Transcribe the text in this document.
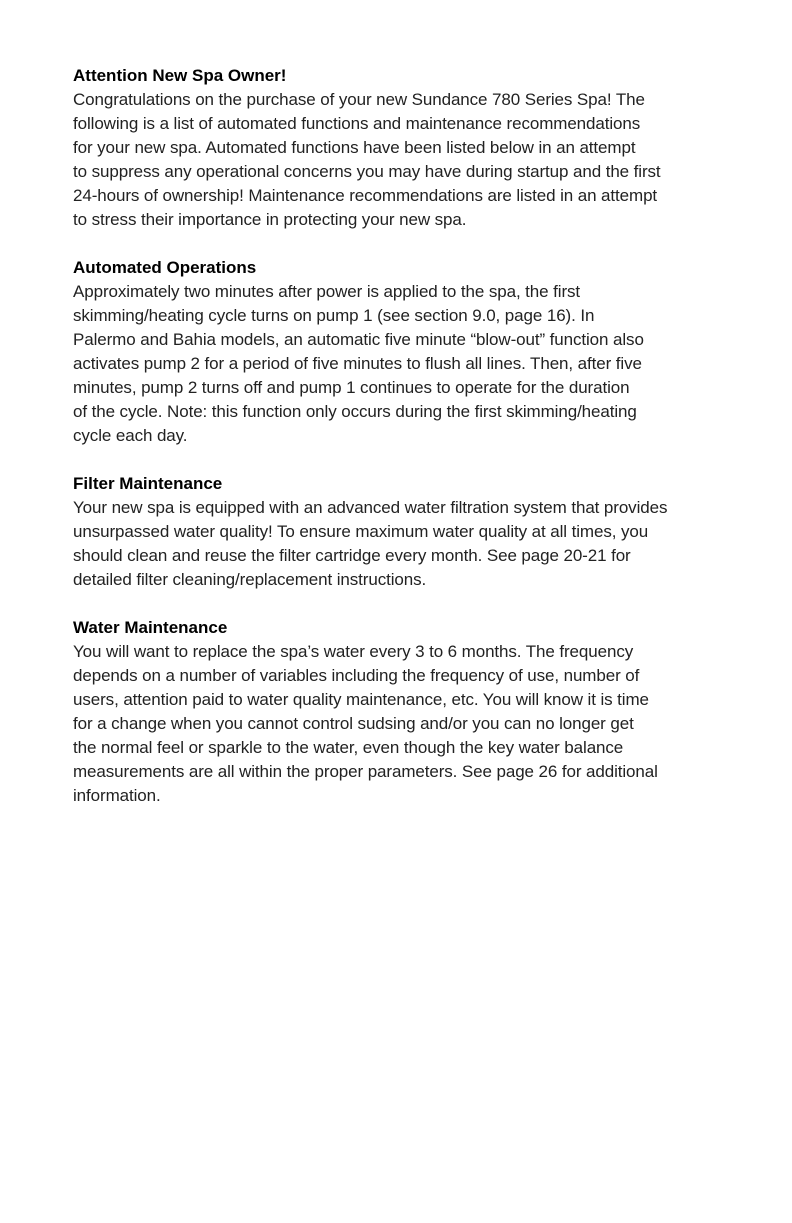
Attention New Spa Owner!
Congratulations on the purchase of your new Sundance 780 Series Spa! The
following is a list of automated functions and maintenance recommendations
for your new spa. Automated functions have been listed below in an attempt
to suppress any operational concerns you may have during startup and the first
24-hours of ownership! Maintenance recommendations are listed in an attempt
to stress their importance in protecting your new spa.
Automated Operations
Approximately two minutes after power is applied to the spa, the first
skimming/heating cycle turns on pump 1 (see section 9.0, page 16). In
Palermo and Bahia models, an automatic five minute “blow-out” function also
activates pump 2 for a period of five minutes to flush all lines. Then, after five
minutes, pump 2 turns off and pump 1 continues to operate for the duration
of the cycle. Note: this function only occurs during the first skimming/heating
cycle each day.
Filter Maintenance
Your new spa is equipped with an advanced water filtration system that provides
unsurpassed water quality! To ensure maximum water quality at all times, you
should clean and reuse the filter cartridge every month. See page 20-21 for
detailed filter cleaning/replacement instructions.
Water Maintenance
You will want to replace the spa’s water every 3 to 6 months. The frequency
depends on a number of variables including the frequency of use, number of
users, attention paid to water quality maintenance, etc. You will know it is time
for a change when you cannot control sudsing and/or you can no longer get
the normal feel or sparkle to the water, even though the key water balance
measurements are all within the proper parameters. See page 26 for additional
information.
